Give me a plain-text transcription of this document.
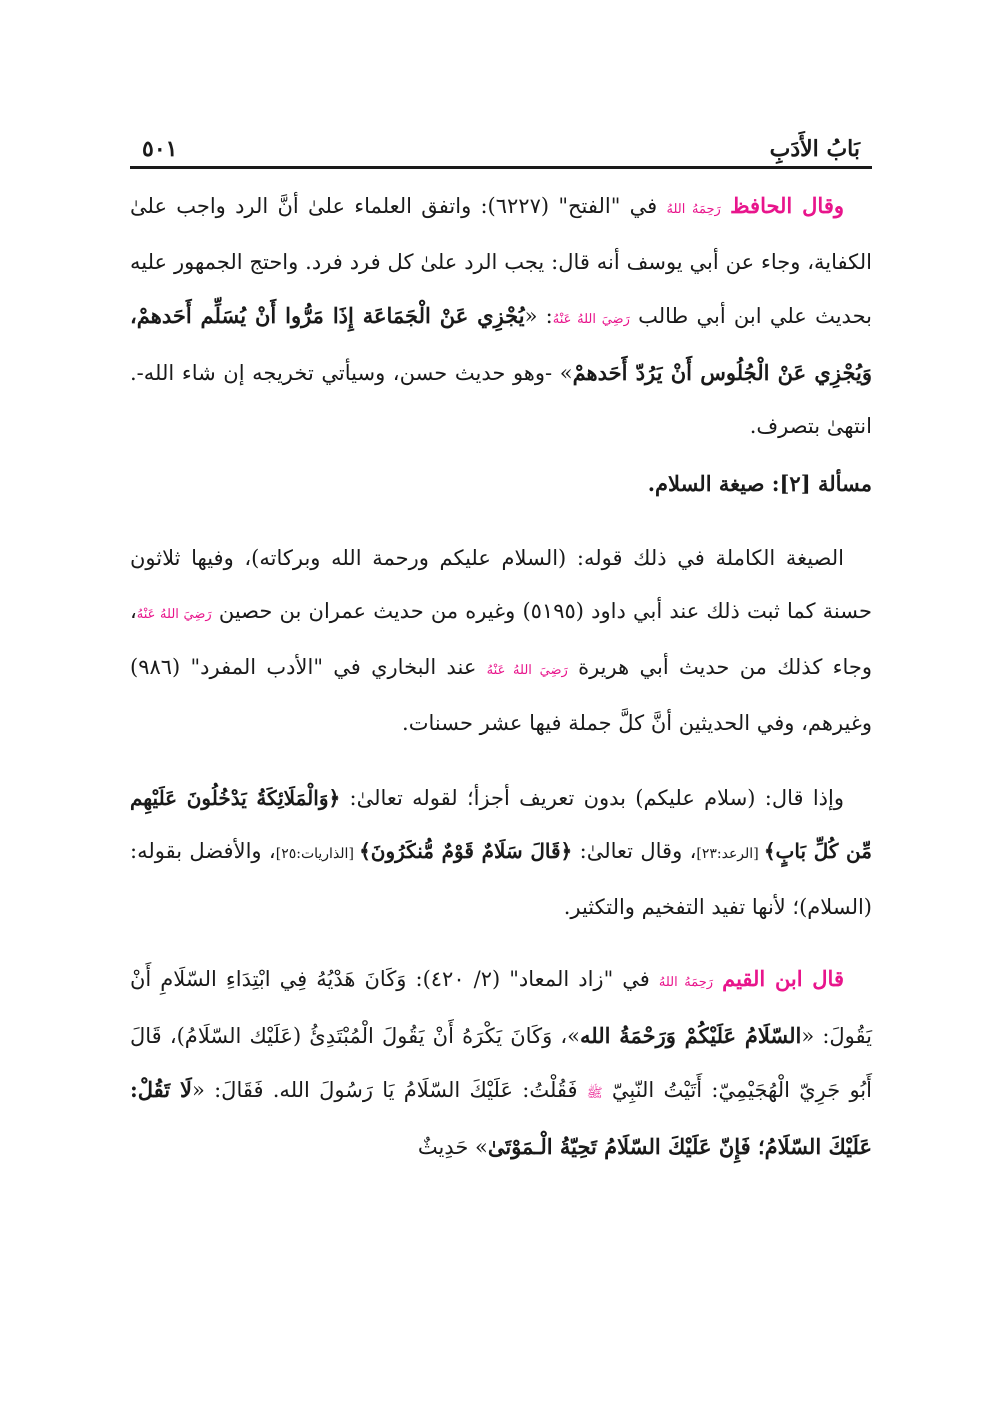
بَابُ الأَدَبِ
٥٠١

وقال الحافظ رَحِمَهُ اللهُ في "الفتح" (٦٢٢٧): واتفق العلماء علىٰ أنَّ الرد واجب علىٰ الكفاية، وجاء عن أبي يوسف أنه قال: يجب الرد علىٰ كل فرد فرد. واحتج الجمهور عليه بحديث علي ابن أبي طالب رَضِيَ اللهُ عَنْهُ: «يُجْزِي عَنْ الْجَمَاعَة إِذَا مَرُّوا أَنْ يُسَلِّم أَحَدهمْ، وَيُجْزِي عَنْ الْجُلُوس أَنْ يَرُدّ أَحَدهمْ» -وهو حديث حسن، وسيأتي تخريجه إن شاء الله-. انتهىٰ بتصرف.

مسألة [٢]: صيغة السلام.

الصيغة الكاملة في ذلك قوله: (السلام عليكم ورحمة الله وبركاته)، وفيها ثلاثون حسنة كما ثبت ذلك عند أبي داود (٥١٩٥) وغيره من حديث عمران بن حصين رَضِيَ اللهُ عَنْهُ، وجاء كذلك من حديث أبي هريرة رَضِيَ اللهُ عَنْهُ عند البخاري في "الأدب المفرد" (٩٨٦) وغيرهم، وفي الحديثين أنَّ كلَّ جملة فيها عشر حسنات.

وإذا قال: (سلام عليكم) بدون تعريف أجزأ؛ لقوله تعالىٰ: ﴿وَالْمَلَائِكَةُ يَدْخُلُونَ عَلَيْهِم مِّن كُلِّ بَابٍ﴾ [الرعد:٢٣]، وقال تعالىٰ: ﴿قَالَ سَلَامٌ قَوْمٌ مُّنكَرُونَ﴾ [الذاريات:٢٥]، والأفضل بقوله: (السلام)؛ لأنها تفيد التفخيم والتكثير.

قال ابن القيم رَحِمَهُ اللهُ في "زاد المعاد" (٢/ ٤٢٠): وَكَانَ هَدْيُهُ فِي ابْتِدَاءِ السّلَامِ أَنْ يَقُولَ: «السّلَامُ عَلَيْكُمْ وَرَحْمَةُ الله»، وَكَانَ يَكْرَهُ أَنْ يَقُولَ الْمُبْتَدِئُ (عَلَيْك السّلَامُ)، قَالَ أَبُو جَرِيّ الْهُجَيْمِيّ: أَتَيْتُ النّبِيّ ﷺ فَقُلْتُ: عَلَيْكَ السّلَامُ يَا رَسُولَ الله. فَقَالَ: «لَا تَقُلْ: عَلَيْكَ السّلَامُ؛ فَإِنّ عَلَيْكَ السّلَامُ تَحِيّةُ الْـمَوْتَىٰ» حَدِيثٌ
